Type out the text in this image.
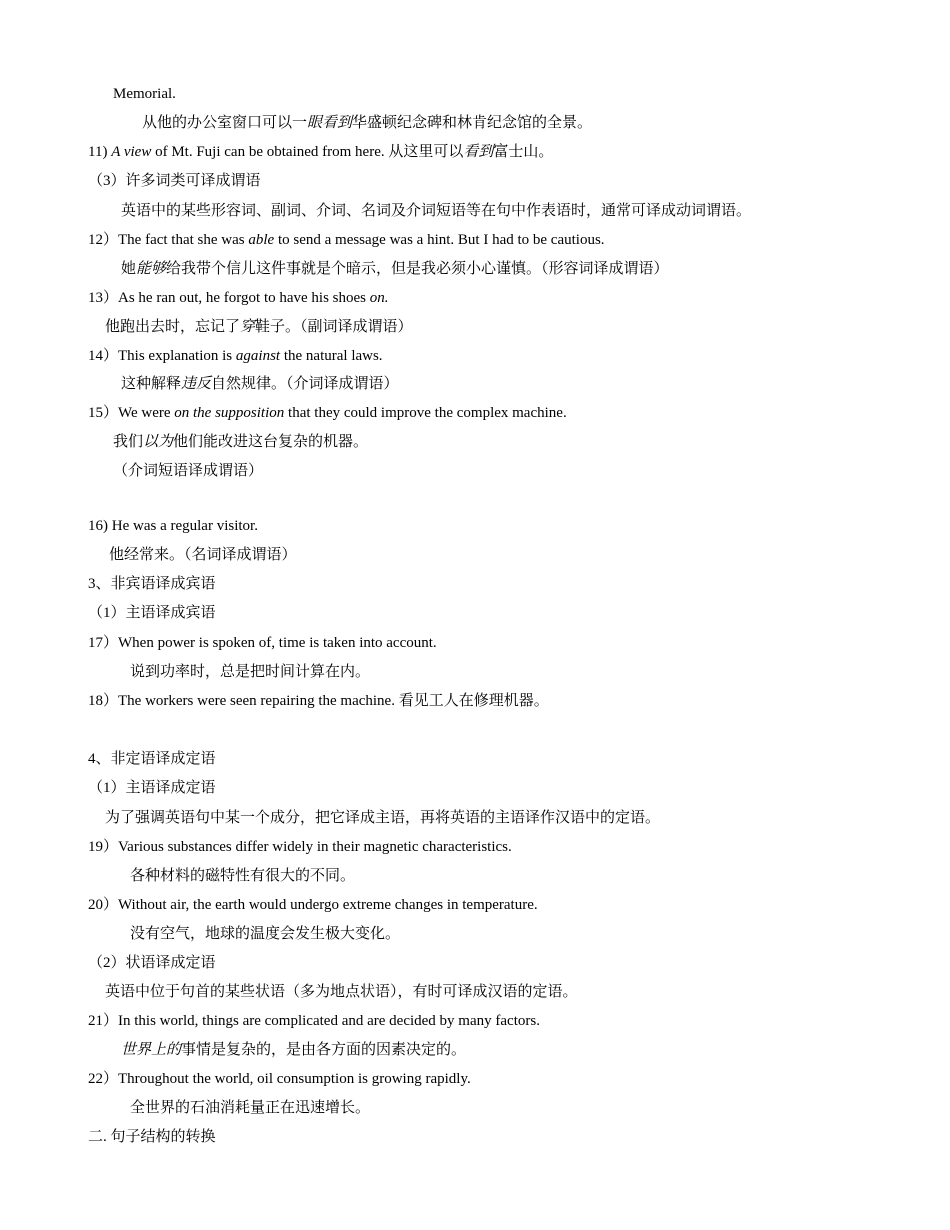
Memorial.
从他的办公室窗口可以一眼看到华盛顿纪念碑和林肯纪念馆的全景。
11) A view of Mt. Fuji can be obtained from here. 从这里可以看到富士山。
（3）许多词类可译成谓语
英语中的某些形容词、副词、介词、名词及介词短语等在句中作表语时，通常可译成动词谓语。
12）The fact that she was able to send a message was a hint. But I had to be cautious.
她能够给我带个信儿这件事就是个暗示，但是我必须小心谨慎。（形容词译成谓语）
13）As he ran out, he forgot to have his shoes on.
他跑出去时，忘记了穿鞋子。（副词译成谓语）
14）This explanation is against the natural laws.
这种解释违反自然规律。（介词译成谓语）
15）We were on the supposition that they could improve the complex machine.
我们以为他们能改进这台复杂的机器。
（介词短语译成谓语）
16) He was a regular visitor.
他经常来。（名词译成谓语）
3、非宾语译成宾语
（1）主语译成宾语
17）When power is spoken of, time is taken into account.
说到功率时，总是把时间计算在内。
18）The workers were seen repairing the machine. 看见工人在修理机器。
4、非定语译成定语
（1）主语译成定语
为了强调英语句中某一个成分，把它译成主语，再将英语的主语译作汉语中的定语。
19）Various substances differ widely in their magnetic characteristics.
各种材料的磁特性有很大的不同。
20）Without air, the earth would undergo extreme changes in temperature.
没有空气，地球的温度会发生极大变化。
（2）状语译成定语
英语中位于句首的某些状语（多为地点状语），有时可译成汉语的定语。
21）In this world, things are complicated and are decided by many factors.
世界上的事情是复杂的，是由各方面的因素决定的。
22）Throughout the world, oil consumption is growing rapidly.
全世界的石油消耗量正在迅速增长。
二. 句子结构的转换
